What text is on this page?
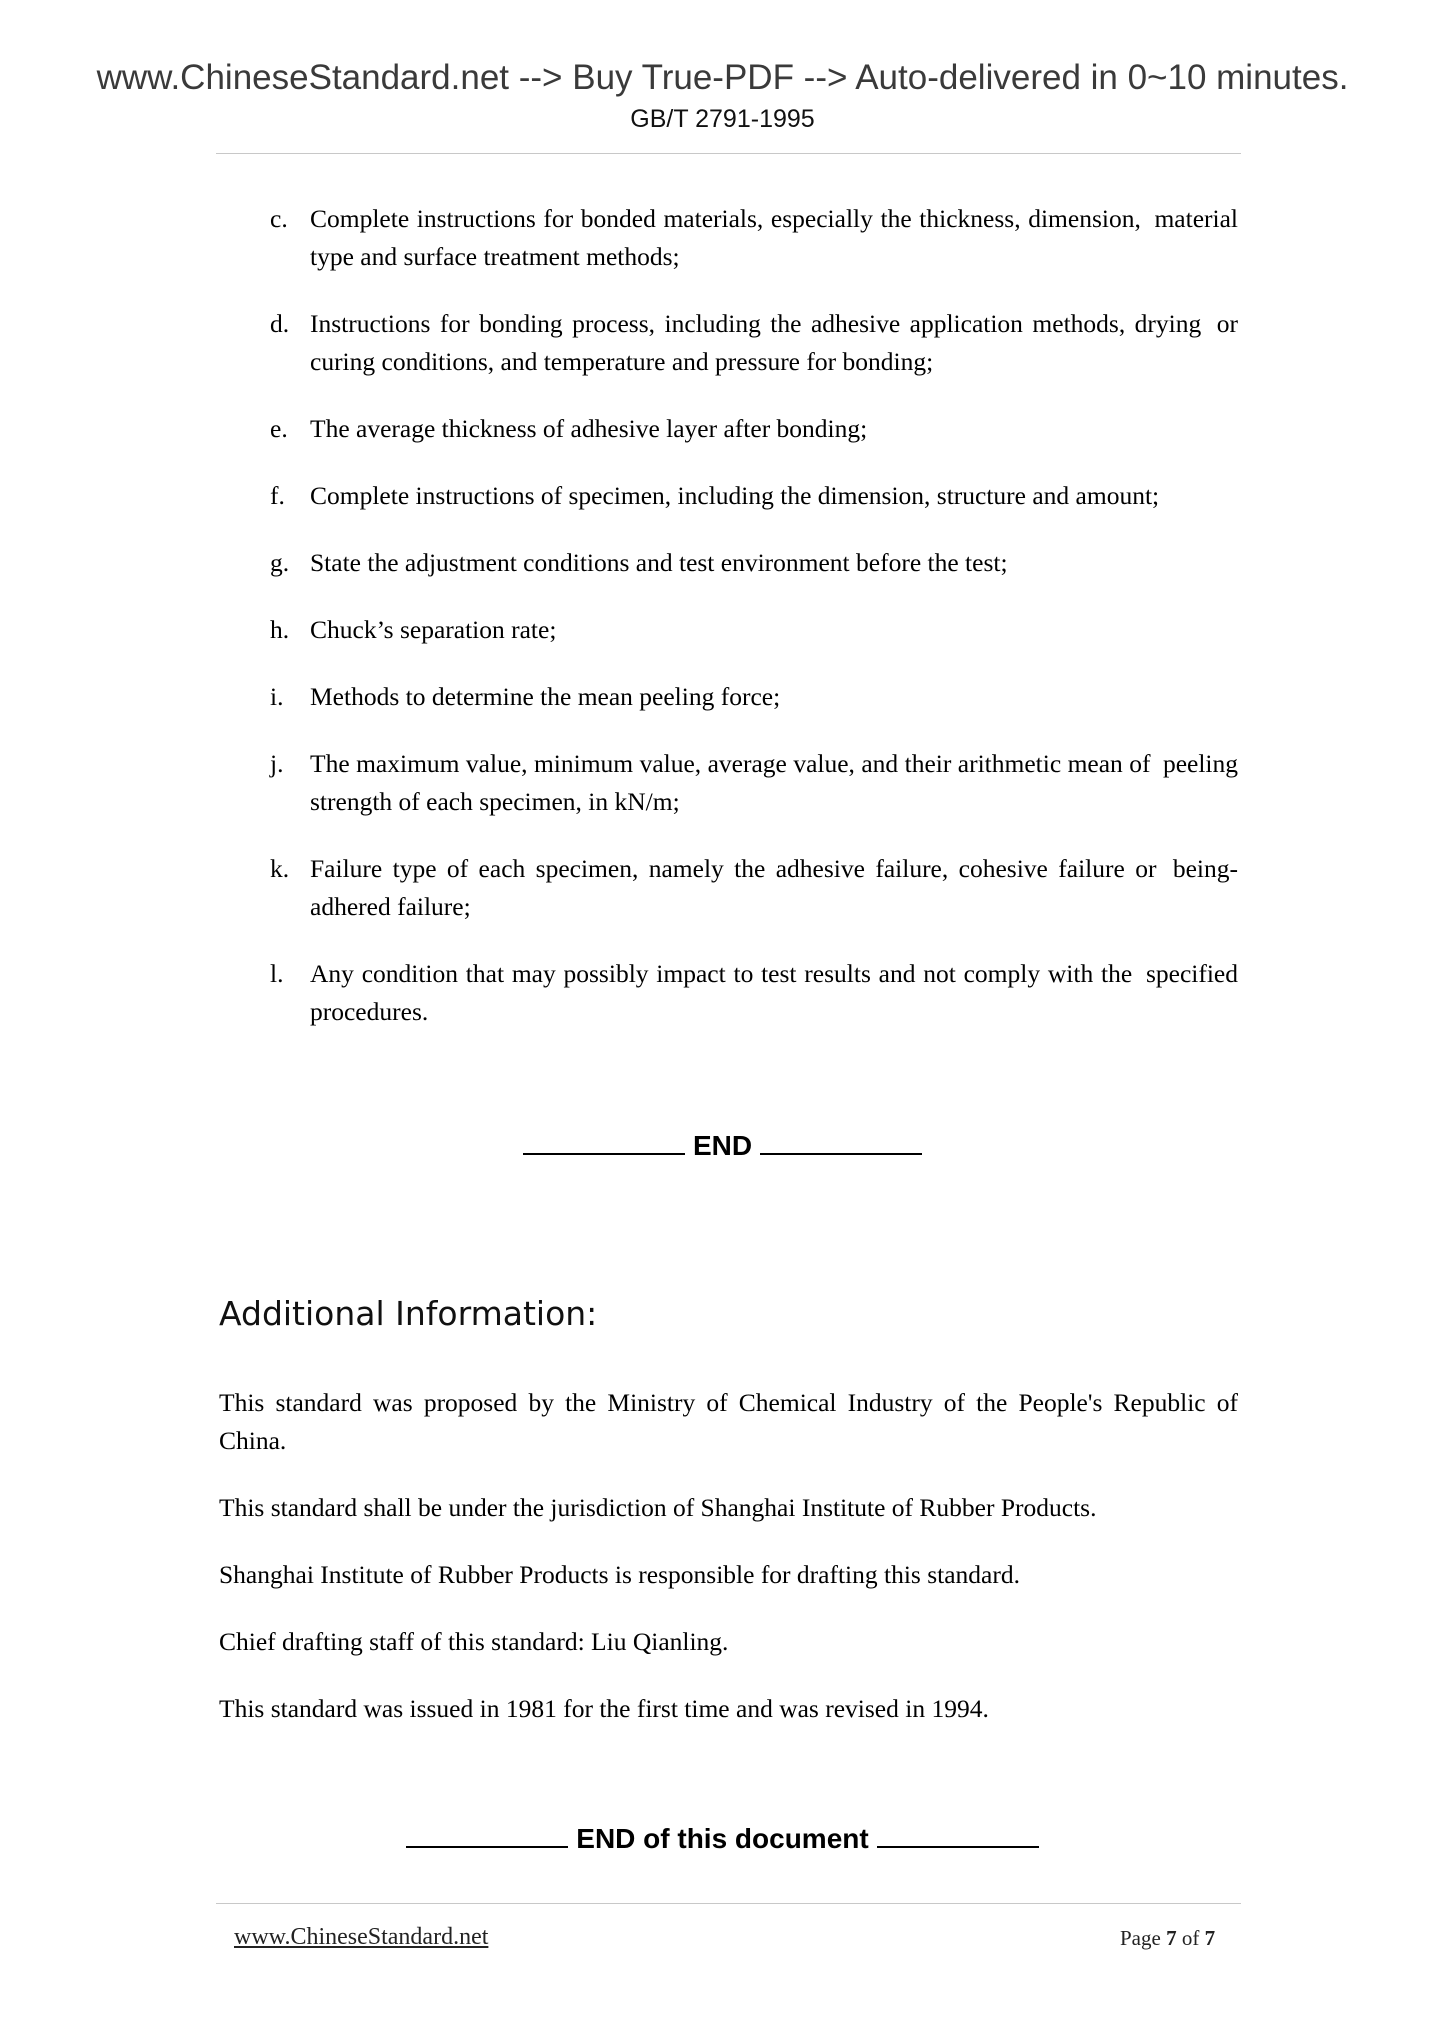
www.ChineseStandard.net --> Buy True-PDF --> Auto-delivered in 0~10 minutes.
GB/T 2791-1995
c. Complete instructions for bonded materials, especially the thickness, dimension, material type and surface treatment methods;
d. Instructions for bonding process, including the adhesive application methods, drying or curing conditions, and temperature and pressure for bonding;
e. The average thickness of adhesive layer after bonding;
f. Complete instructions of specimen, including the dimension, structure and amount;
g. State the adjustment conditions and test environment before the test;
h. Chuck’s separation rate;
i. Methods to determine the mean peeling force;
j. The maximum value, minimum value, average value, and their arithmetic mean of peeling strength of each specimen, in kN/m;
k. Failure type of each specimen, namely the adhesive failure, cohesive failure or being-adhered failure;
l. Any condition that may possibly impact to test results and not comply with the specified procedures.
END
Additional Information:

This standard was proposed by the Ministry of Chemical Industry of the People's Republic of China.

This standard shall be under the jurisdiction of Shanghai Institute of Rubber Products.

Shanghai Institute of Rubber Products is responsible for drafting this standard.

Chief drafting staff of this standard: Liu Qianling.

This standard was issued in 1981 for the first time and was revised in 1994.

END of this document
www.ChineseStandard.net	Page 7 of 7
